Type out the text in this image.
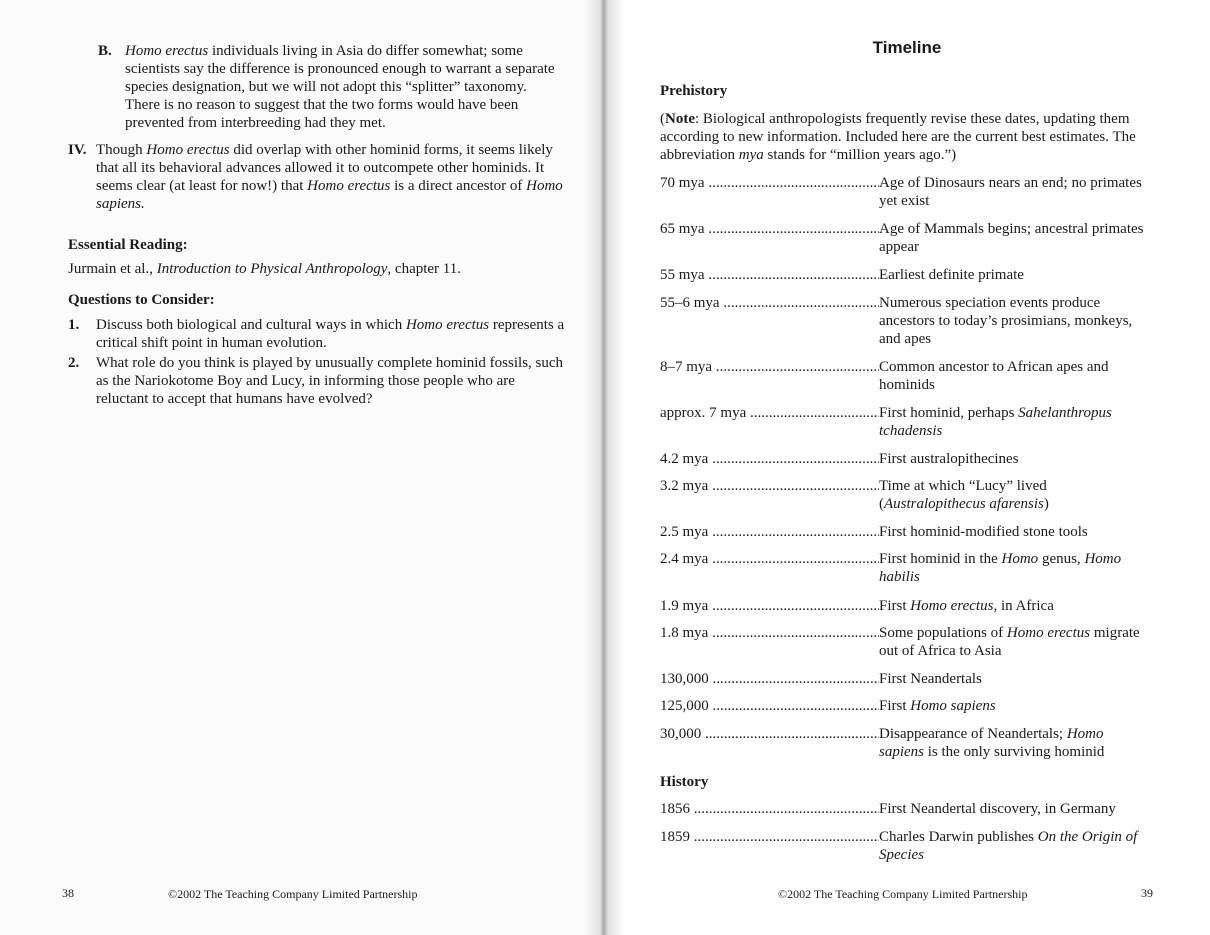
B. Homo erectus individuals living in Asia do differ somewhat; some scientists say the difference is pronounced enough to warrant a separate species designation, but we will not adopt this “splitter” taxonomy. There is no reason to suggest that the two forms would have been prevented from interbreeding had they met.
IV. Though Homo erectus did overlap with other hominid forms, it seems likely that all its behavioral advances allowed it to outcompete other hominids. It seems clear (at least for now!) that Homo erectus is a direct ancestor of Homo sapiens.
Essential Reading:
Jurmain et al., Introduction to Physical Anthropology, chapter 11.
Questions to Consider:
1. Discuss both biological and cultural ways in which Homo erectus represents a critical shift point in human evolution.
2. What role do you think is played by unusually complete hominid fossils, such as the Nariokotome Boy and Lucy, in informing those people who are reluctant to accept that humans have evolved?
38	©2002 The Teaching Company Limited Partnership
Timeline
Prehistory
(Note: Biological anthropologists frequently revise these dates, updating them according to new information. Included here are the current best estimates. The abbreviation mya stands for “million years ago.”)
History
70 mya .....	Age of Dinosaurs nears an end; no primates yet exist
65 mya .....	Age of Mammals begins; ancestral primates appear
55 mya .....	Earliest definite primate
55–6 mya .....	Numerous speciation events produce ancestors to today’s prosimians, monkeys, and apes
8–7 mya .....	Common ancestor to African apes and hominids
approx. 7 mya .....	First hominid, perhaps Sahelanthropus tchadensis
4.2 mya .....	First australopithecines
3.2 mya .....	Time at which “Lucy” lived (Australopithecus afarensis)
2.5 mya .....	First hominid-modified stone tools
2.4 mya .....	First hominid in the Homo genus, Homo habilis
1.9 mya .....	First Homo erectus, in Africa
1.8 mya .....	Some populations of Homo erectus migrate out of Africa to Asia
130,000 .....	First Neandertals
125,000 .....	First Homo sapiens
30,000 .....	Disappearance of Neandertals; Homo sapiens is the only surviving hominid
1856 .....	First Neandertal discovery, in Germany
1859 .....	Charles Darwin publishes On the Origin of Species
©2002 The Teaching Company Limited Partnership	39
